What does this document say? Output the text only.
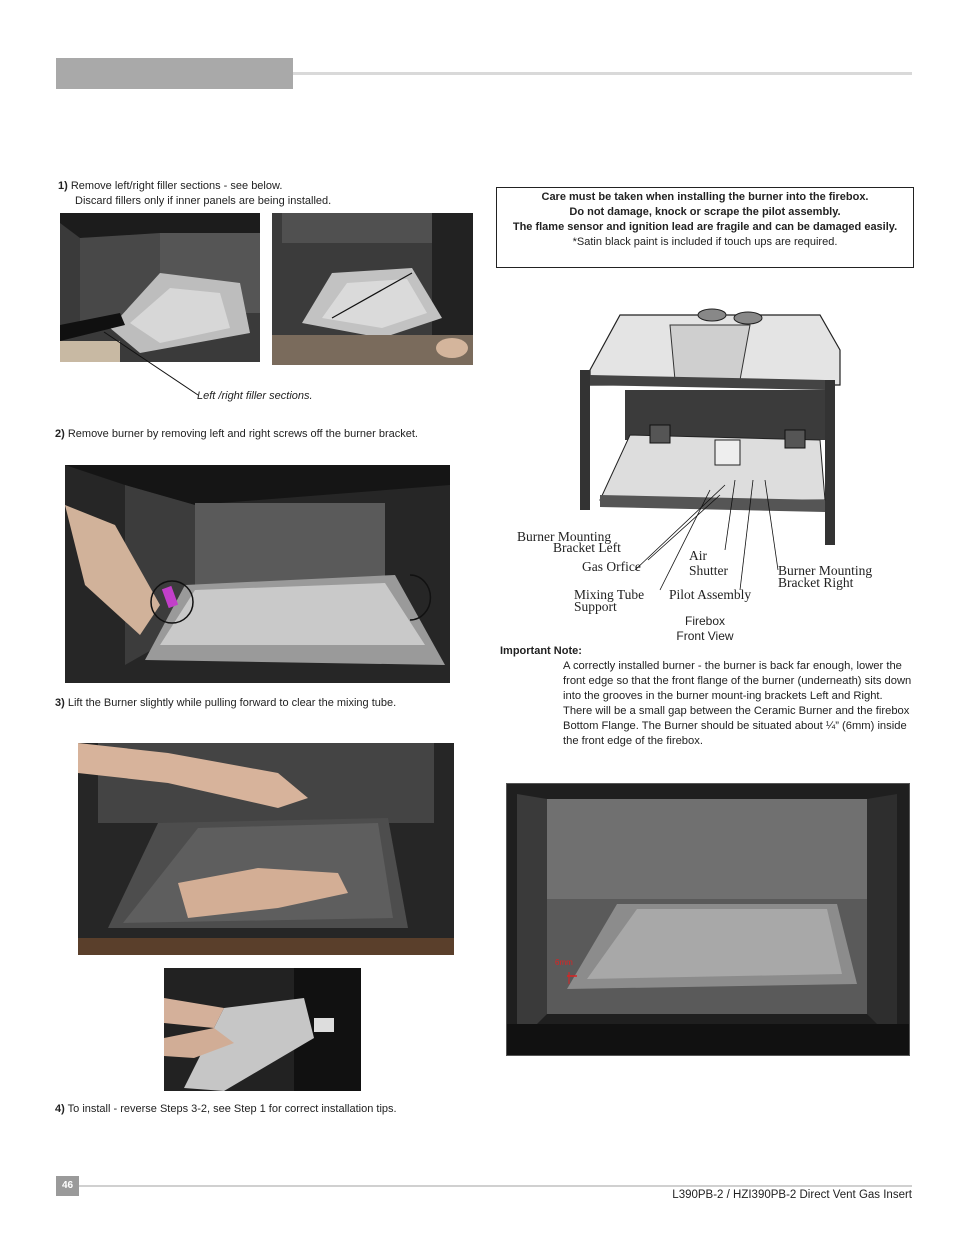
1) Remove left/right filler sections - see below.
Discard fillers only if inner panels are being installed.
Left /right filler sections.
2) Remove burner by removing left and right screws off the burner bracket.
3) Lift the Burner slightly while pulling forward to clear the mixing tube.
4) To install - reverse Steps 3-2, see Step 1 for correct installation tips.
Care must be taken when installing the burner into the firebox.
Do not damage, knock or scrape the pilot assembly.
The flame sensor and ignition lead are fragile and can be damaged easily.
*Satin black paint is included if touch ups are required.
Burner Mounting
Bracket Left
Gas Orfice
Air
Shutter	Burner Mounting
Bracket Right
Mixing Tube
Support
Pilot Assembly
Firebox
Front View
Important Note:
A correctly installed burner - the burner is back far enough, lower the front edge so that the front flange of the burner (underneath) sits down into the grooves in the burner mount-ing brackets Left and Right. There will be a small gap between the Ceramic Burner and the firebox Bottom Flange. The Burner should be situated about ¼” (6mm) inside the front edge of the firebox.
6mm
46
L390PB-2 / HZI390PB-2 Direct Vent Gas Insert
